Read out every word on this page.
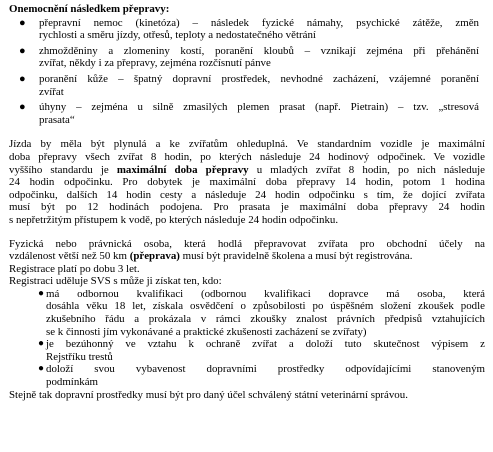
Onemocnění následkem přepravy:
● přepravní nemoc (kinetóza) – následek fyzické námahy, psychické zátěže, změn
rychlosti a směru jízdy, otřesů, teploty a nedostatečného větrání
● zhmožděniny a zlomeniny kostí, poranění kloubů – vznikají zejména při přehánění
zvířat, někdy i za přepravy, zejména rozčísnutí pánve
● poranění kůže – špatný dopravní prostředek, nevhodné zacházení, vzájemné poranění
zvířat
● úhyny – zejména u silně zmasilých plemen prasat (např. Pietrain) – tzv. „stresová
prasata“
Jízda by měla být plynulá a ke zvířatům ohleduplná. Ve standardním vozidle je maximální
doba přepravy všech zvířat 8 hodin, po kterých následuje 24 hodinový odpočinek. Ve vozidle
vyššího standardu je maximální doba přepravy u mladých zvířat 8 hodin, po nich následuje
24 hodin odpočinku. Pro dobytek je maximální doba přepravy 14 hodin, potom 1 hodina
odpočinku, dalších 14 hodin cesty a následuje 24 hodin odpočinku s tím, že dojící zvířata
musí být po 12 hodinách podojena. Pro prasata je maximální doba přepravy 24 hodin
s nepřetržitým přístupem k vodě, po kterých následuje 24 hodin odpočinku.
Fyzická nebo právnická osoba, která hodlá přepravovat zvířata pro obchodní účely na
vzdálenost větší než 50 km (přeprava) musí být pravidelně školena a musí být registrována.
Registrace platí po dobu 3 let.
Registraci uděluje SVS s může ji získat ten, kdo:
● má odbornou kvalifikaci (odbornou kvalifikaci dopravce má osoba, která
dosáhla věku 18 let, získala osvědčení o způsobilosti po úspěšném složení zkoušek podle
zkušebního řádu a prokázala v rámci zkoušky znalost právních předpisů vztahujících
se k činnosti jím vykonávané a praktické zkušenosti zacházení se zvířaty)
● je bezúhonný ve vztahu k ochraně zvířat a doloží tuto skutečnost výpisem z
Rejstříku trestů
● doloží svou vybavenost dopravními prostředky odpovídajícími stanoveným
podmínkám
Stejně tak dopravní prostředky musí být pro daný účel schválený státní veterinární správou.
